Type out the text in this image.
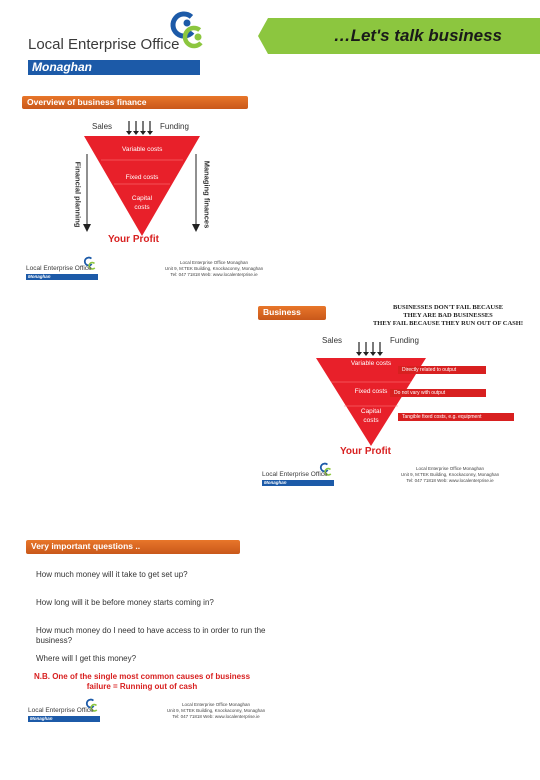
Local Enterprise Office
Monaghan
…Let's talk business
Overview of business finance
Sales	Funding
Variable costs
Fixed costs
Capital
costs
Financial planning	Managing finances
Your Profit
Local Enterprise Office
Monaghan
Local Enterprise Office Monaghan
Unit 9, M:TEK Building, Knockaconny, Monaghan
Tel: 047 71818 Web: www.localenterprise.ie
Business Costs
BUSINESSES DON'T FAIL BECAUSE
THEY ARE BAD BUSINESSES
THEY FAIL BECAUSE THEY RUN OUT OF CASH!
Sales	Funding
Variable costs
Fixed costs
Capital
costs
Directly related to output
Do not vary with output
Tangible fixed costs, e.g. equipment
Your Profit
Local Enterprise Office
Monaghan
Local Enterprise Office Monaghan
Unit 9, M:TEK Building, Knockaconny, Monaghan
Tel: 047 71818 Web: www.localenterprise.ie
Very important questions ..
How much money will it take to get set up?
How long will it be before money starts coming in?
How much money do I need to have access to in order to run the business?
Where will I get this money?
N.B. One of the single most common causes of business
failure = Running out of cash
Local Enterprise Office
Monaghan
Local Enterprise Office Monaghan
Unit 9, M:TEK Building, Knockaconny, Monaghan
Tel: 047 71818 Web: www.localenterprise.ie
